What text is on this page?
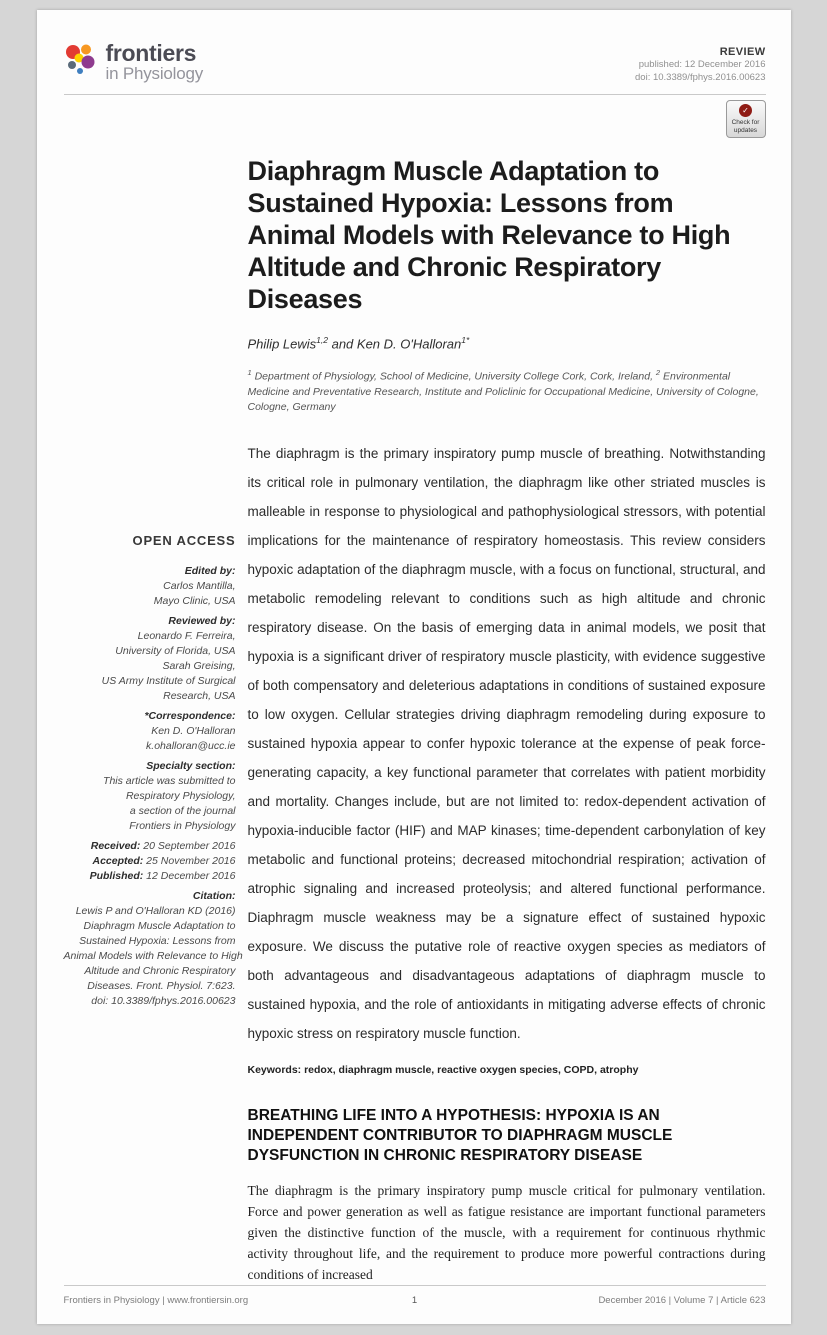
frontiers
in Physiology
REVIEW
published: 12 December 2016
doi: 10.3389/fphys.2016.00623
✓
Check for
updates
OPEN ACCESS
Edited by:
Carlos Mantilla,
Mayo Clinic, USA
Reviewed by:
Leonardo F. Ferreira,
University of Florida, USA
Sarah Greising,
US Army Institute of Surgical
Research, USA
*Correspondence:
Ken D. O'Halloran
k.ohalloran@ucc.ie
Specialty section:
This article was submitted to
Respiratory Physiology,
a section of the journal
Frontiers in Physiology
Received: 20 September 2016
Accepted: 25 November 2016
Published: 12 December 2016
Citation:
Lewis P and O'Halloran KD (2016)
Diaphragm Muscle Adaptation to
Sustained Hypoxia: Lessons from
Animal Models with Relevance to High
Altitude and Chronic Respiratory
Diseases. Front. Physiol. 7:623.
doi: 10.3389/fphys.2016.00623
Diaphragm Muscle Adaptation to Sustained Hypoxia: Lessons from Animal Models with Relevance to High Altitude and Chronic Respiratory Diseases

Philip Lewis$^{1,2}$ and Ken D. O'Halloran$^{1*}$

$^1$ Department of Physiology, School of Medicine, University College Cork, Cork, Ireland, $^2$ Environmental Medicine and Preventative Research, Institute and Policlinic for Occupational Medicine, University of Cologne, Cologne, Germany

The diaphragm is the primary inspiratory pump muscle of breathing. Notwithstanding its critical role in pulmonary ventilation, the diaphragm like other striated muscles is malleable in response to physiological and pathophysiological stressors, with potential implications for the maintenance of respiratory homeostasis. This review considers hypoxic adaptation of the diaphragm muscle, with a focus on functional, structural, and metabolic remodeling relevant to conditions such as high altitude and chronic respiratory disease. On the basis of emerging data in animal models, we posit that hypoxia is a significant driver of respiratory muscle plasticity, with evidence suggestive of both compensatory and deleterious adaptations in conditions of sustained exposure to low oxygen. Cellular strategies driving diaphragm remodeling during exposure to sustained hypoxia appear to confer hypoxic tolerance at the expense of peak force-generating capacity, a key functional parameter that correlates with patient morbidity and mortality. Changes include, but are not limited to: redox-dependent activation of hypoxia-inducible factor (HIF) and MAP kinases; time-dependent carbonylation of key metabolic and functional proteins; decreased mitochondrial respiration; activation of atrophic signaling and increased proteolysis; and altered functional performance. Diaphragm muscle weakness may be a signature effect of sustained hypoxic exposure. We discuss the putative role of reactive oxygen species as mediators of both advantageous and disadvantageous adaptations of diaphragm muscle to sustained hypoxia, and the role of antioxidants in mitigating adverse effects of chronic hypoxic stress on respiratory muscle function.

Keywords: redox, diaphragm muscle, reactive oxygen species, COPD, atrophy
BREATHING LIFE INTO A HYPOTHESIS: HYPOXIA IS AN INDEPENDENT CONTRIBUTOR TO DIAPHRAGM MUSCLE DYSFUNCTION IN CHRONIC RESPIRATORY DISEASE

The diaphragm is the primary inspiratory pump muscle critical for pulmonary ventilation. Force and power generation as well as fatigue resistance are important functional parameters given the distinctive function of the muscle, with a requirement for continuous rhythmic activity throughout life, and the requirement to produce more powerful contractions during conditions of increased

Frontiers in Physiology | www.frontiersin.org	1	December 2016 | Volume 7 | Article 623
